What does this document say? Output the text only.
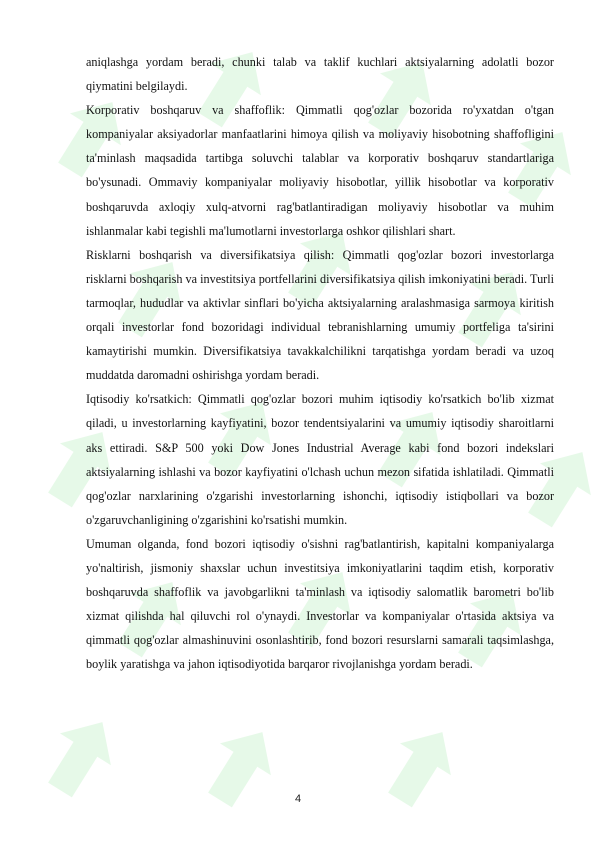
aniqlashga yordam beradi, chunki talab va taklif kuchlari aktsiyalarning adolatli bozor qiymatini belgilaydi.

Korporativ boshqaruv va shaffoflik: Qimmatli qog'ozlar bozorida ro'yxatdan o'tgan kompaniyalar aksiyadorlar manfaatlarini himoya qilish va moliyaviy hisobotning shaffofligini ta'minlash maqsadida tartibga soluvchi talablar va korporativ boshqaruv standartlariga bo'ysunadi. Ommaviy kompaniyalar moliyaviy hisobotlar, yillik hisobotlar va korporativ boshqaruvda axloqiy xulq-atvorni rag'batlantiradigan moliyaviy hisobotlar va muhim ishlanmalar kabi tegishli ma'lumotlarni investorlarga oshkor qilishlari shart.

Risklarni boshqarish va diversifikatsiya qilish: Qimmatli qog'ozlar bozori investorlarga risklarni boshqarish va investitsiya portfellarini diversifikatsiya qilish imkoniyatini beradi. Turli tarmoqlar, hududlar va aktivlar sinflari bo'yicha aktsiyalarning aralashmasiga sarmoya kiritish orqali investorlar fond bozoridagi individual tebranishlarning umumiy portfeliga ta'sirini kamaytirishi mumkin. Diversifikatsiya tavakkalchilikni tarqatishga yordam beradi va uzoq muddatda daromadni oshirishga yordam beradi.

Iqtisodiy ko'rsatkich: Qimmatli qog'ozlar bozori muhim iqtisodiy ko'rsatkich bo'lib xizmat qiladi, u investorlarning kayfiyatini, bozor tendentsiyalarini va umumiy iqtisodiy sharoitlarni aks ettiradi. S&P 500 yoki Dow Jones Industrial Average kabi fond bozori indekslari aktsiyalarning ishlashi va bozor kayfiyatini o'lchash uchun mezon sifatida ishlatiladi. Qimmatli qog'ozlar narxlarining o'zgarishi investorlarning ishonchi, iqtisodiy istiqbollari va bozor o'zgaruvchanligining o'zgarishini ko'rsatishi mumkin.

Umuman olganda, fond bozori iqtisodiy o'sishni rag'batlantirish, kapitalni kompaniyalarga yo'naltirish, jismoniy shaxslar uchun investitsiya imkoniyatlarini taqdim etish, korporativ boshqaruvda shaffoflik va javobgarlikni ta'minlash va iqtisodiy salomatlik barometri bo'lib xizmat qilishda hal qiluvchi rol o'ynaydi. Investorlar va kompaniyalar o'rtasida aktsiya va qimmatli qog'ozlar almashinuvini osonlashtirib, fond bozori resurslarni samarali taqsimlashga, boylik yaratishga va jahon iqtisodiyotida barqaror rivojlanishga yordam beradi.

4
